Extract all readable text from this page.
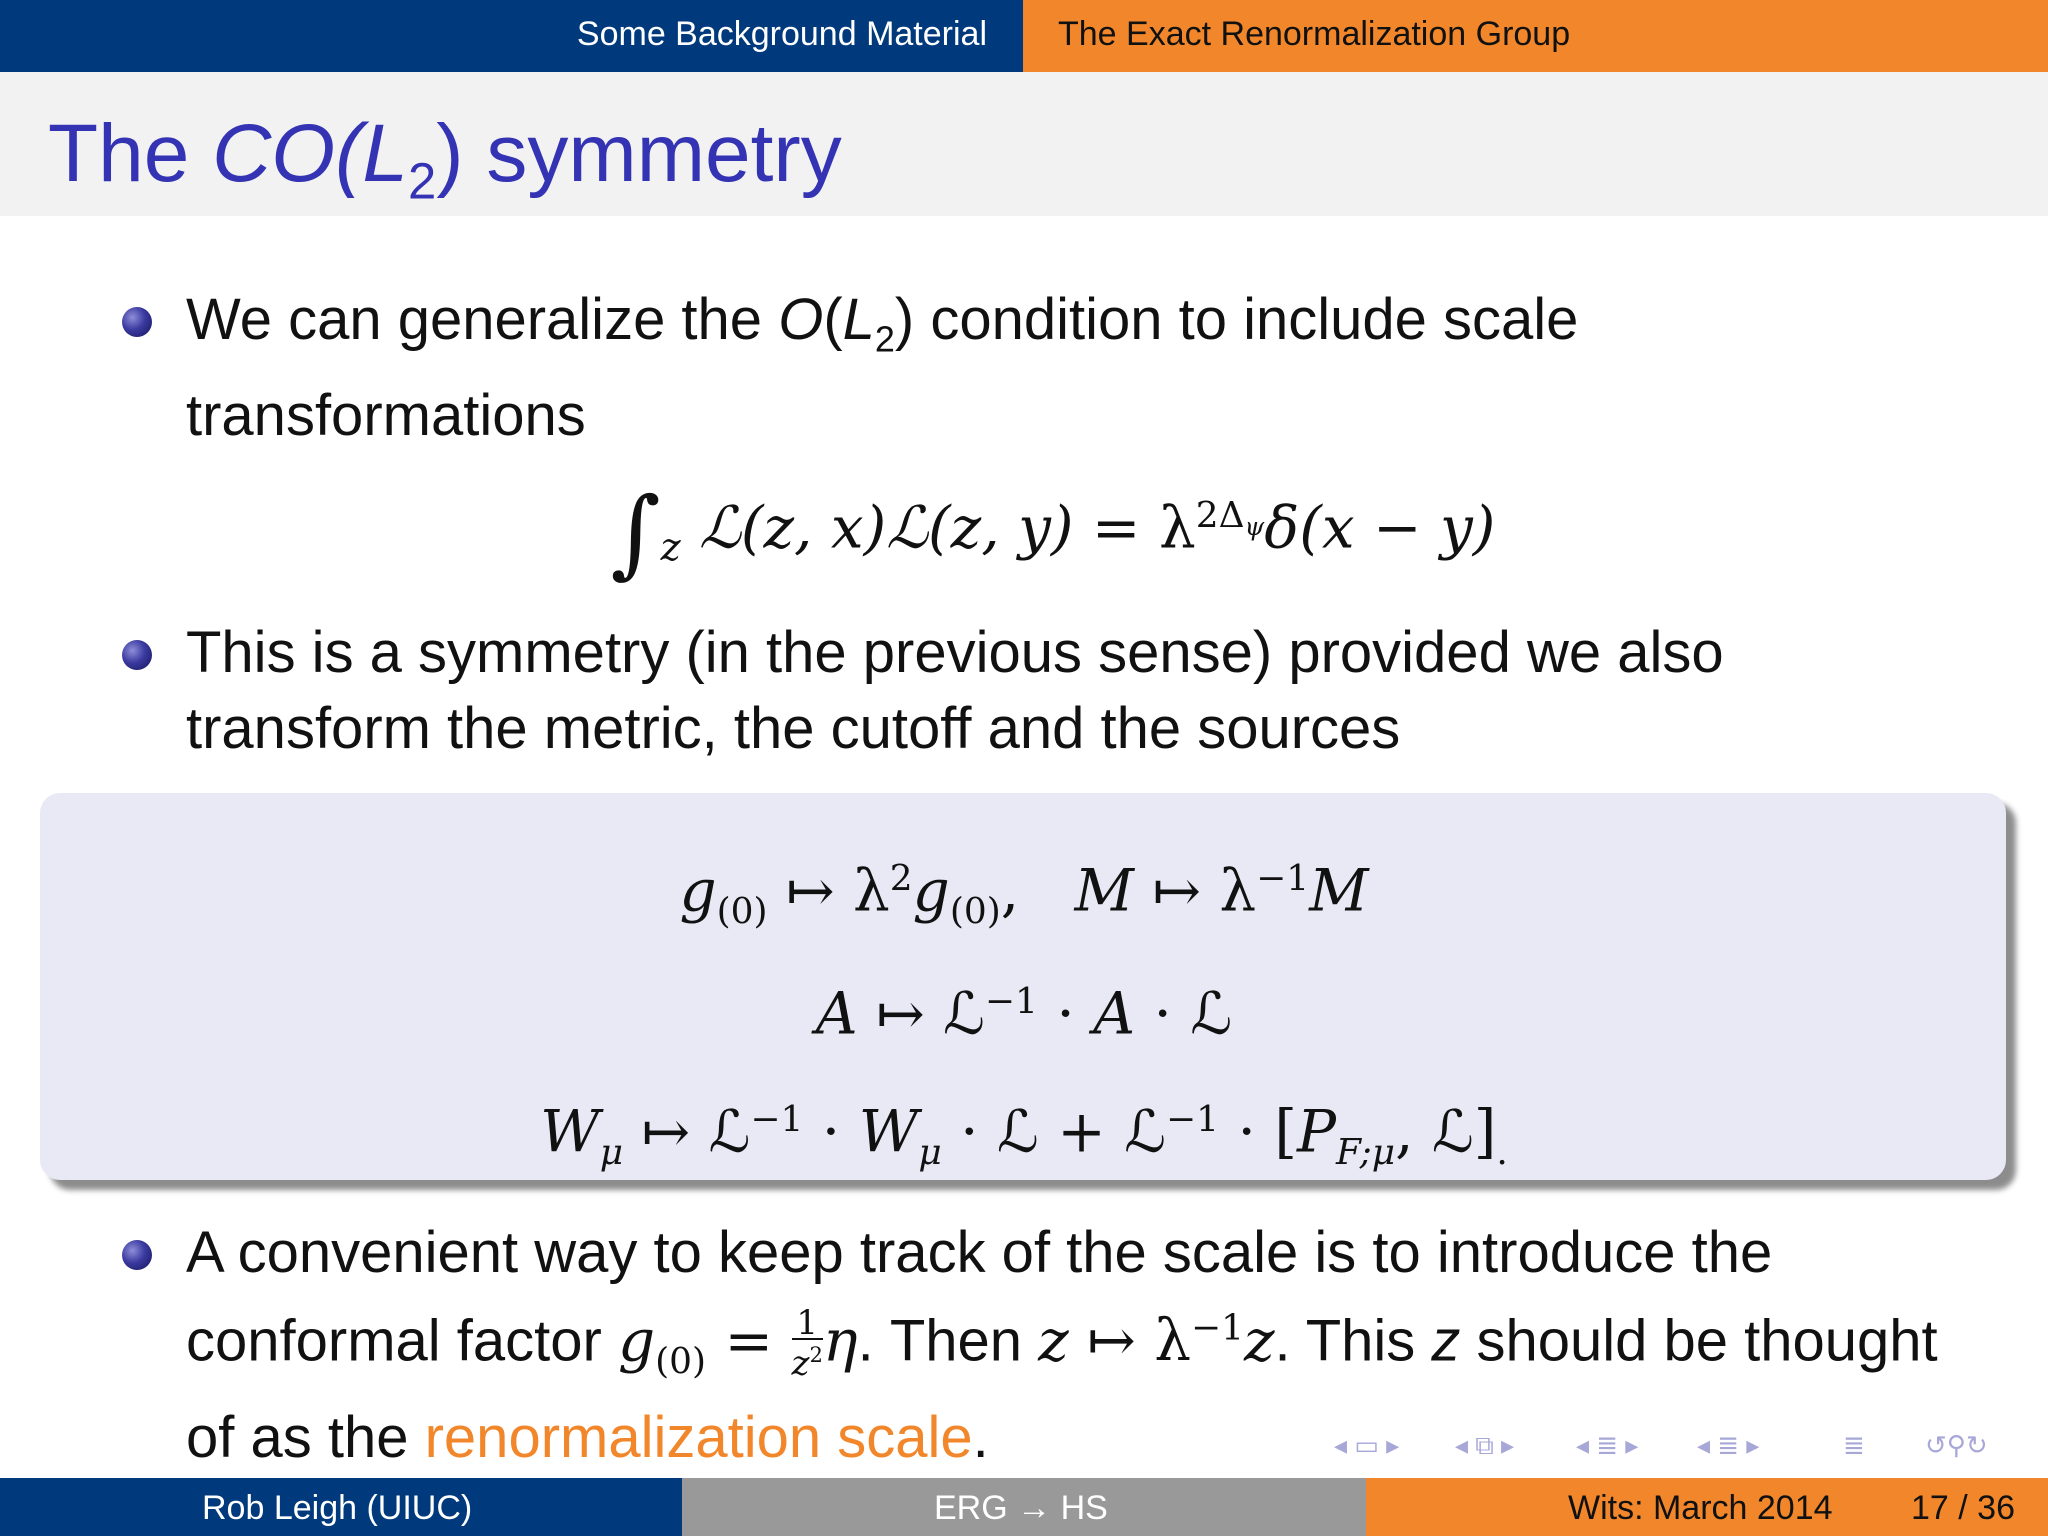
Some Background Material The Exact Renormalization Group
The $CO(L_2)$ symmetry
We can generalize the $O(L_2)$ condition to include scale transformations
$\int_z$ ℒ(z, x)ℒ(z, $y) = \lambda^{2\Delta_\psi}\delta(x - y)$
This is a symmetry (in the previous sense) provided we also transform the metric, the cutoff and the sources
$g_{(0)}$ ↦ $\lambda^2g_{(0)}$,   M ↦ $\lambda^{-1}M$
A ↦ ℒ$^{-1}$ · A · ℒ
$W_\mu$ ↦ ℒ$^{-1}$ · $W_\mu$ · ℒ + ℒ$^{-1}$ · [$P_{F;\mu}$, $ℒ]_.$
A convenient way to keep track of the scale is to introduce the conformal factor $g_{(0)} = 1$
$z^2\eta$. Then z ↦ $\lambda^{-1}z$. This z should be thought of as the renormalization scale.	◂ ▭ ▸ ◂ ⧉ ▸ ◂ ≣ ▸ ◂ ≣ ▸	≣ ↺⚲↻
Rob Leigh (UIUC)	ERG → HS	Wits: March 2014 17 / 36
